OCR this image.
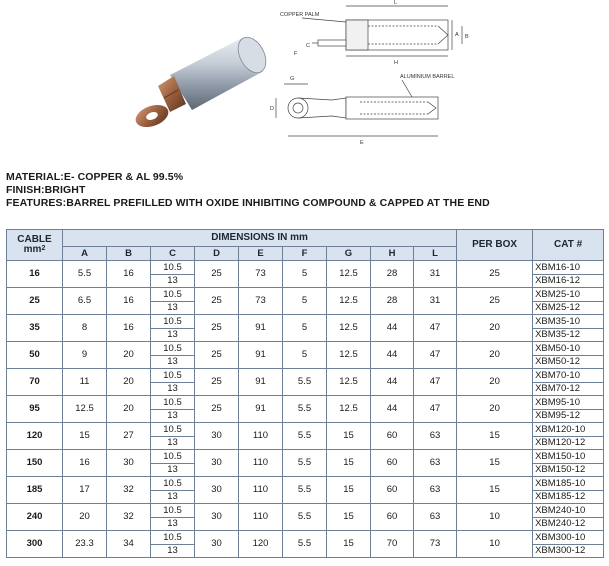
COPPER PALM
L
A B
C
F
H
ALUMINIUM BARREL
G
D
E
MATERIAL:E- COPPER & AL 99.5%
FINISH:BRIGHT
FEATURES:BARREL PREFILLED WITH OXIDE INHIBITING COMPOUND & CAPPED AT THE END
CABLE
$mm^2$	DIMENSIONS IN mm									PER BOX	CAT #
	A	B	C	D	E	F	G	H	L		
16	5.5	16	10.5	25	73	5	12.5	28	31	25	XBM16-10
			13								XBM16-12
25	6.5	16	10.5	25	73	5	12.5	28	31	25	XBM25-10
			13								XBM25-12
35	8	16	10.5	25	91	5	12.5	44	47	20	XBM35-10
			13								XBM35-12
50	9	20	10.5	25	91	5	12.5	44	47	20	XBM50-10
			13								XBM50-12
70	11	20	10.5	25	91	5.5	12.5	44	47	20	XBM70-10
			13								XBM70-12
95	12.5	20	10.5	25	91	5.5	12.5	44	47	20	XBM95-10
			13								XBM95-12
120	15	27	10.5	30	110	5.5	15	60	63	15	XBM120-10
			13								XBM120-12
150	16	30	10.5	30	110	5.5	15	60	63	15	XBM150-10
			13								XBM150-12
185	17	32	10.5	30	110	5.5	15	60	63	15	XBM185-10
			13								XBM185-12
240	20	32	10.5	30	110	5.5	15	60	63	10	XBM240-10
			13								XBM240-12
300	23.3	34	10.5	30	120	5.5	15	70	73	10	XBM300-10
			13								XBM300-12
